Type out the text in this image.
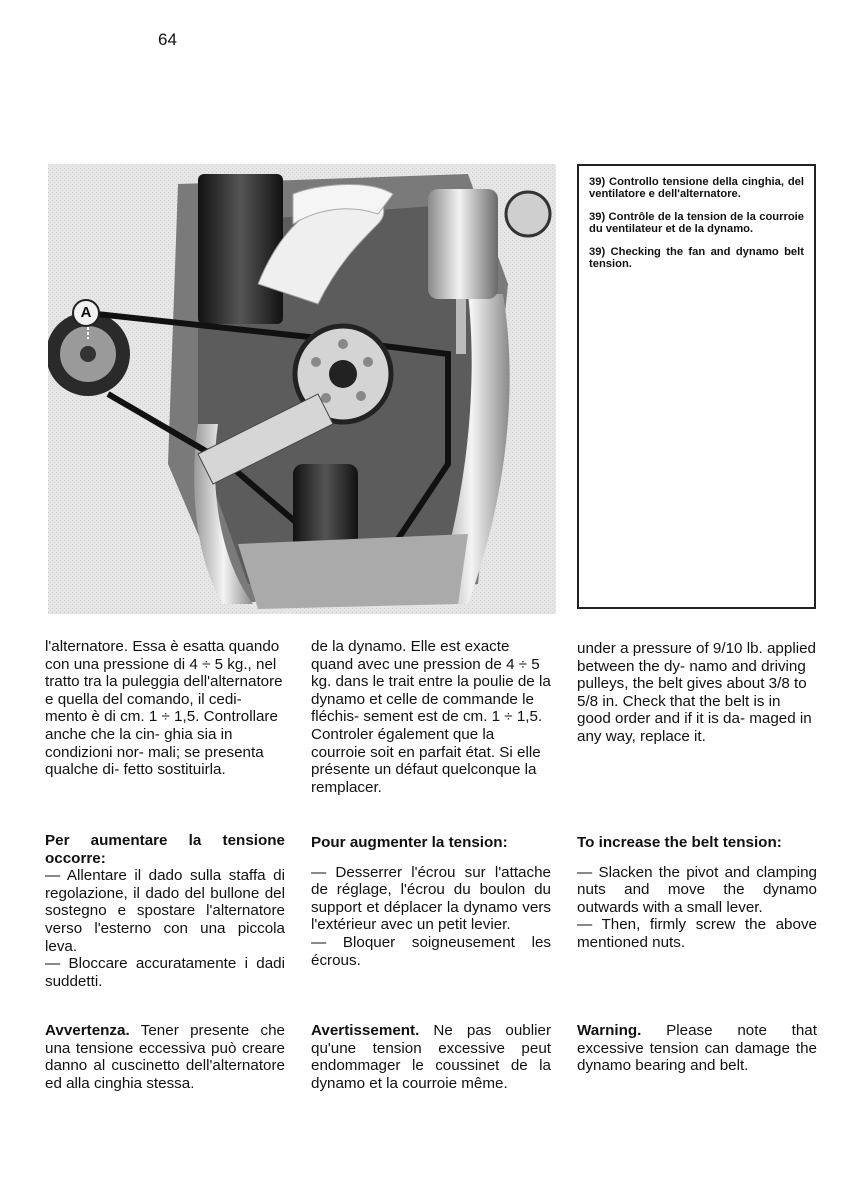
64
A

39) Controllo tensione della cinghia, del ventilatore e dell'alternatore.

39) Contrôle de la tension de la courroie du ventilateur et de la dynamo.

39) Checking the fan and dynamo belt tension.

l'alternatore. Essa è esatta quando con una pressione di 4 ÷ 5 kg., nel tratto tra la puleggia dell'alternatore e quella del comando, il cedi- mento è di cm. 1 ÷ 1,5. Controllare anche che la cin- ghia sia in condizioni nor- mali; se presenta qualche di- fetto sostituirla.

Per aumentare la tensione occorre:

— Allentare il dado sulla staffa di regolazione, il dado del bullone del sostegno e spostare l'alternatore verso l'esterno con una piccola leva.

— Bloccare accuratamente i dadi suddetti.

Avvertenza. Tener presente che una tensione eccessiva può creare danno al cuscinetto dell'alternatore ed alla cinghia stessa.

de la dynamo. Elle est exacte quand avec une pression de 4 ÷ 5 kg. dans le trait entre la poulie de la dynamo et celle de commande le fléchis- sement est de cm. 1 ÷ 1,5. Controler également que la courroie soit en parfait état. Si elle présente un défaut quelconque la remplacer.

Pour augmenter la tension:

— Desserrer l'écrou sur l'attache de réglage, l'écrou du boulon du support et déplacer la dynamo vers l'extérieur avec un petit levier.

— Bloquer soigneusement les écrous.

Avertissement. Ne pas oublier qu'une tension excessive peut endommager le coussinet de la dynamo et la courroie même.

under a pressure of 9/10 lb. applied between the dy- namo and driving pulleys, the belt gives about 3/8 to 5/8 in. Check that the belt is in good order and if it is da- maged in any way, replace it.

To increase the belt tension:

— Slacken the pivot and clamping nuts and move the dynamo outwards with a small lever.

— Then, firmly screw the above mentioned nuts.

Warning. Please note that excessive tension can damage the dynamo bearing and belt.
